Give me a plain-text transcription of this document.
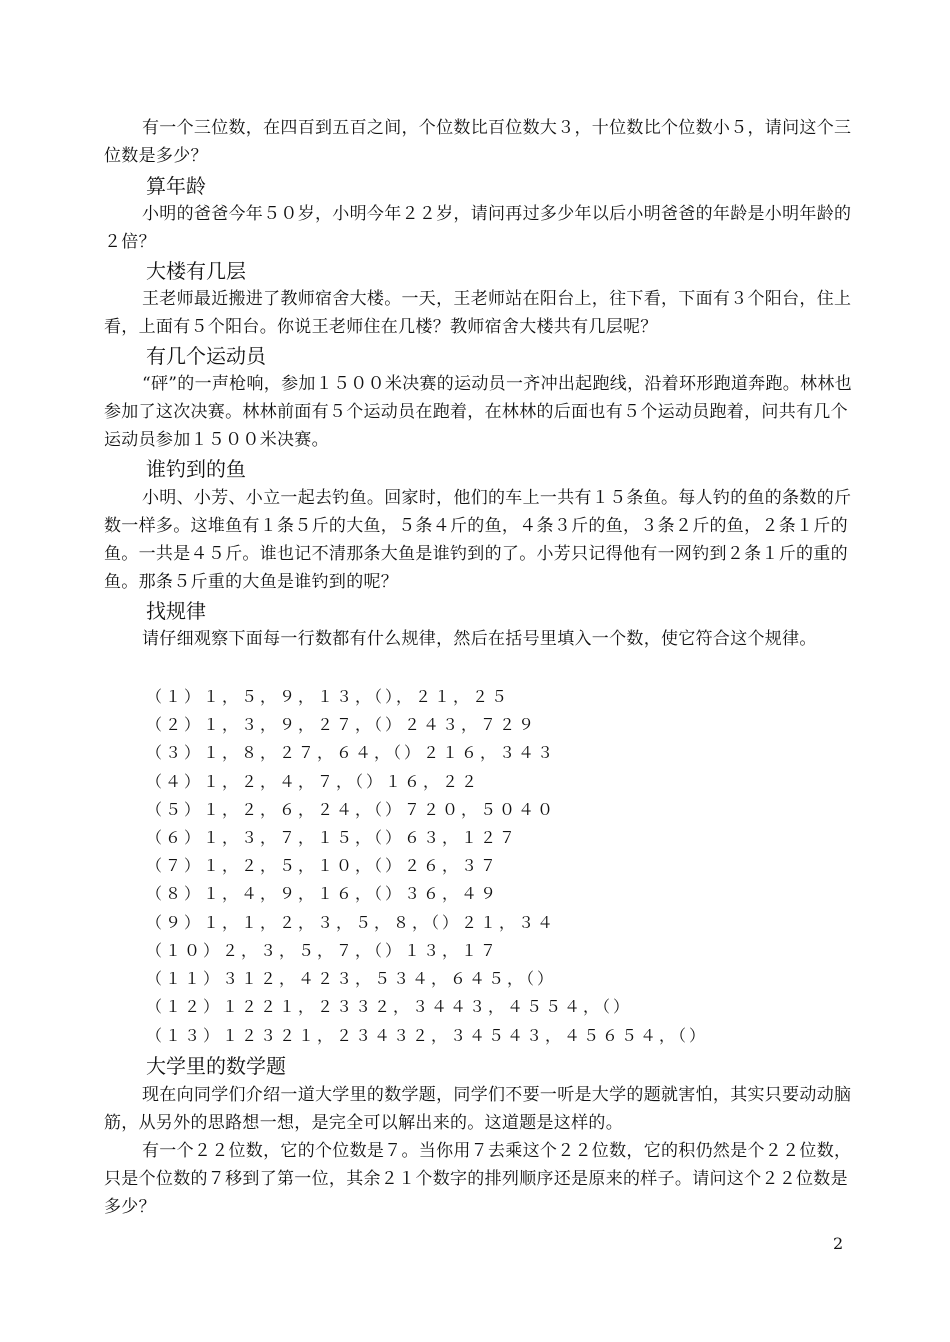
有一个三位数，在四百到五百之间，个位数比百位数大３，十位数比个位数小５，请问这个三位数是多少？

算年龄

小明的爸爸今年５０岁，小明今年２２岁，请问再过多少年以后小明爸爸的年龄是小明年龄的２倍？

大楼有几层

王老师最近搬进了教师宿舍大楼。一天，王老师站在阳台上，往下看，下面有３个阳台，住上看，上面有５个阳台。你说王老师住在几楼？教师宿舍大楼共有几层呢？

有几个运动员

“砰”的一声枪响，参加１５００米决赛的运动员一齐冲出起跑线，沿着环形跑道奔跑。林林也参加了这次决赛。林林前面有５个运动员在跑着，在林林的后面也有５个运动员跑着，问共有几个运动员参加１５００米决赛。

谁钓到的鱼

小明、小芳、小立一起去钓鱼。回家时，他们的车上一共有１５条鱼。每人钓的鱼的条数的斤数一样多。这堆鱼有１条５斤的大鱼，５条４斤的鱼，４条３斤的鱼，３条２斤的鱼，２条１斤的鱼。一共是４５斤。谁也记不清那条大鱼是谁钓到的了。小芳只记得他有一网钓到２条１斤的重的鱼。那条５斤重的大鱼是谁钓到的呢？

找规律

请仔细观察下面每一行数都有什么规律，然后在括号里填入一个数，使它符合这个规律。

（１）１，５，９，１３，（），２１，２５

（２）１，３，９，２７，（）２４３，７２９

（３）１，８，２７，６４，（）２１６，３４３

（４）１，２，４，７，（）１６，２２

（５）１，２，６，２４，（）７２０，５０４０

（６）１，３，７，１５，（）６３，１２７

（７）１，２，５，１０，（）２６，３７

（８）１，４，９，１６，（）３６，４９

（９）１，１，２，３，５，８，（）２１，３４

（１０）２，３，５，７，（）１３，１７

（１１）３１２，４２３，５３４，６４５，（）

（１２）１２２１，２３３２，３４４３，４５５４，（）

（１３）１２３２１，２３４３２，３４５４３，４５６５４，（）

大学里的数学题

现在向同学们介绍一道大学里的数学题，同学们不要一听是大学的题就害怕，其实只要动动脑筋，从另外的思路想一想，是完全可以解出来的。这道题是这样的。

有一个２２位数，它的个位数是７。当你用７去乘这个２２位数，它的积仍然是个２２位数，只是个位数的７移到了第一位，其余２１个数字的排列顺序还是原来的样子。请问这个２２位数是多少？

2
